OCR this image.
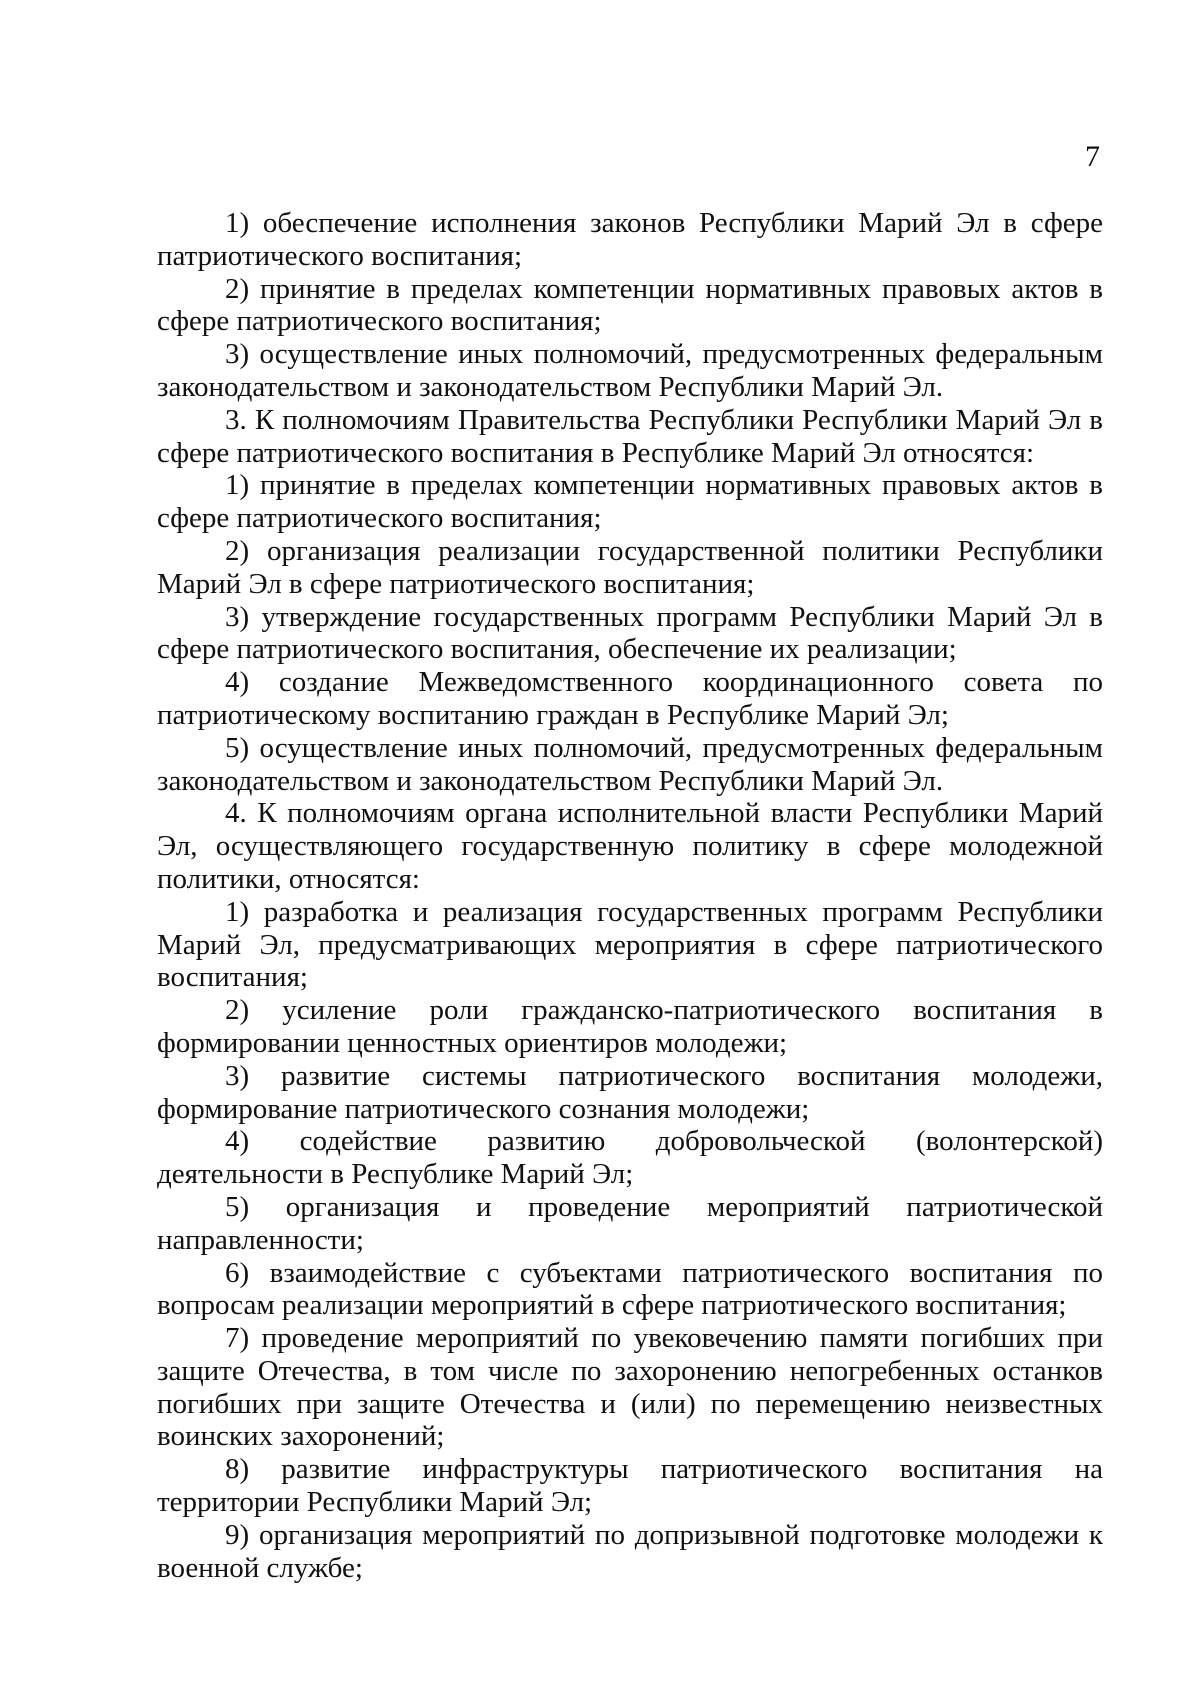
7

1) обеспечение исполнения законов Республики Марий Эл в сфере патриотического воспитания;

2) принятие в пределах компетенции нормативных правовых актов в сфере патриотического воспитания;

3) осуществление иных полномочий, предусмотренных федеральным законодательством и законодательством Республики Марий Эл.

3. К полномочиям Правительства Республики Республики Марий Эл в сфере патриотического воспитания в Республике Марий Эл относятся:

1) принятие в пределах компетенции нормативных правовых актов в сфере патриотического воспитания;

2) организация реализации государственной политики Республики Марий Эл в сфере патриотического воспитания;

3) утверждение государственных программ Республики Марий Эл в сфере патриотического воспитания, обеспечение их реализации;

4) создание Межведомственного координационного совета по патриотическому воспитанию граждан в Республике Марий Эл;

5) осуществление иных полномочий, предусмотренных федеральным законодательством и законодательством Республики Марий Эл.

4. К полномочиям органа исполнительной власти Республики Марий Эл, осуществляющего государственную политику в сфере молодежной политики, относятся:

1) разработка и реализация государственных программ Республики Марий Эл, предусматривающих мероприятия в сфере патриотического воспитания;

2) усиление роли гражданско-патриотического воспитания в формировании ценностных ориентиров молодежи;

3) развитие системы патриотического воспитания молодежи, формирование патриотического сознания молодежи;

4) содействие развитию добровольческой (волонтерской) деятельности в Республике Марий Эл;

5) организация и проведение мероприятий патриотической направленности;

6) взаимодействие с субъектами патриотического воспитания по вопросам реализации мероприятий в сфере патриотического воспитания;

7) проведение мероприятий по увековечению памяти погибших при защите Отечества, в том числе по захоронению непогребенных останков погибших при защите Отечества и (или) по перемещению неизвестных воинских захоронений;

8) развитие инфраструктуры патриотического воспитания на территории Республики Марий Эл;

9) организация мероприятий по допризывной подготовке молодежи к военной службе;
